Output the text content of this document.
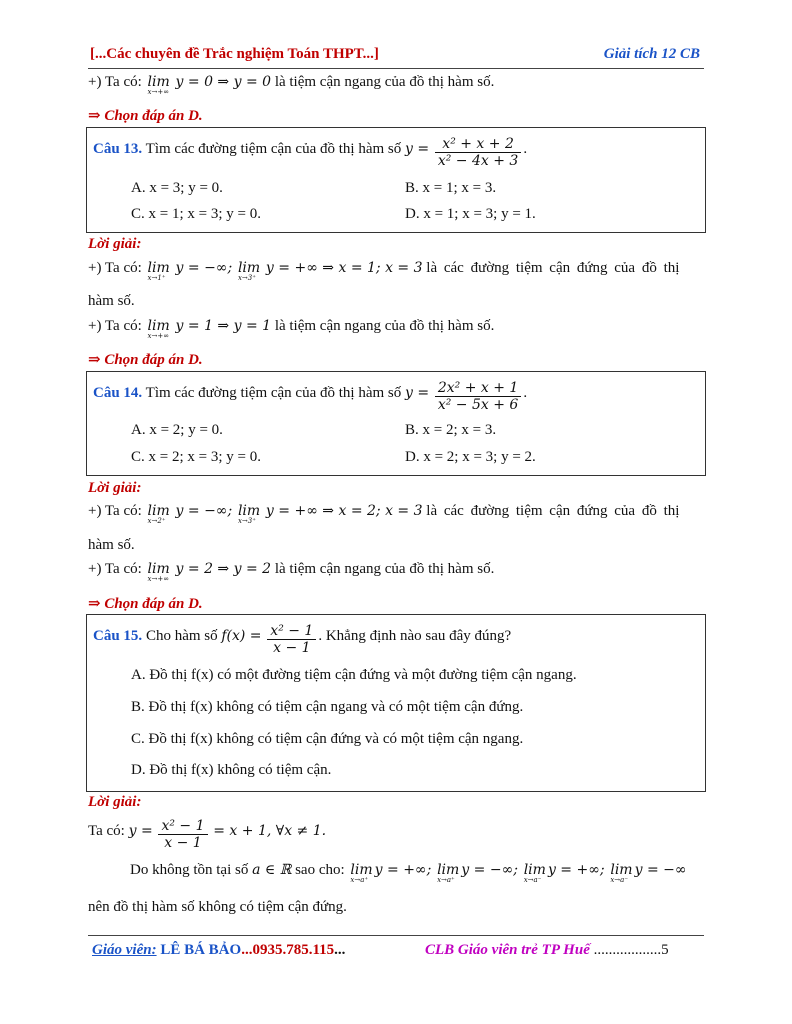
[...Các chuyên đề Trắc nghiệm Toán THPT...]	Giải tích 12 CB
+) Ta có: lim
x→+∞
y = 0 ⇒ y = 0 là tiệm cận ngang của đồ thị hàm số.
⇒ Chọn đáp án D.
Câu 13. Tìm các đường tiệm cận của đồ thị hàm số $y = \frac{\text{x² + x + 2}}{\text{x² − 4x + 3}}$ .
A. x = 3; y = 0.	B. x = 1; x = 3.
C. x = 1; x = 3; y = 0.	D. x = 1; x = 3; y = 1.
Lời giải:
+) Ta có: lim
x→1⁺
y = −∞; lim
x→3⁺
y = +∞ ⇒ x = 1; x = 3 là các đường tiệm cận đứng của đồ thị
hàm số.
+) Ta có: lim
x→+∞
y = 1 ⇒ y = 1 là tiệm cận ngang của đồ thị hàm số.
⇒ Chọn đáp án D.
Câu 14. Tìm các đường tiệm cận của đồ thị hàm số $y = \frac{\text{2x² + x + 1}}{\text{x² − 5x + 6}}$ .
A. x = 2; y = 0.	B. x = 2; x = 3.
C. x = 2; x = 3; y = 0.	D. x = 2; x = 3; y = 2.
Lời giải:
+) Ta có: lim
x→2⁺
y = −∞; lim
x→3⁺
y = +∞ ⇒ x = 2; x = 3 là các đường tiệm cận đứng của đồ thị
hàm số.
+) Ta có: lim
x→+∞
y = 2 ⇒ y = 2 là tiệm cận ngang của đồ thị hàm số.
⇒ Chọn đáp án D.
Câu 15. Cho hàm số $f(x) = \frac{\text{x² − 1}}{x - 1}$ . Khẳng định nào sau đây đúng?
A. Đồ thị f(x) có một đường tiệm cận đứng và một đường tiệm cận ngang.
B. Đồ thị f(x) không có tiệm cận ngang và có một tiệm cận đứng.
C. Đồ thị f(x) không có tiệm cận đứng và có một tiệm cận ngang.
D. Đồ thị f(x) không có tiệm cận.
Lời giải:
Ta có: $y = \frac{\text{x² − 1}}{x - 1} = x + 1$, ∀x ≠ 1.
Do không tồn tại số a ∈ ℝ sao cho: lim
x→a⁺
y = +∞; lim
x→a⁺
y = −∞; lim
x→a⁻
y = +∞; lim
x→a⁻
y = −∞
nên đồ thị hàm số không có tiệm cận đứng.
Giáo viên: LÊ BÁ BẢO...0935.785.115...	CLB Giáo viên trẻ TP Huế ..................5
